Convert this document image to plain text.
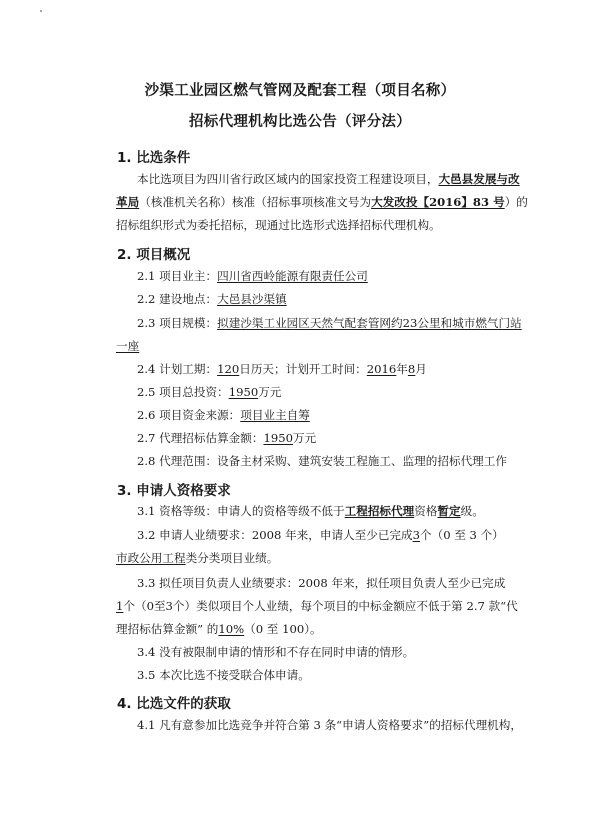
沙渠工业园区燃气管网及配套工程（项目名称）
招标代理机构比选公告（评分法）
1. 比选条件
本比选项目为四川省行政区域内的国家投资工程建设项目，大邑县发展与改
革局（核准机关名称）核准（招标事项核准文号为大发改投【2016】83 号）的
招标组织形式为委托招标，现通过比选形式选择招标代理机构。
2. 项目概况
2.1 项目业主：四川省西岭能源有限责任公司
2.2 建设地点：大邑县沙渠镇
2.3 项目规模：拟建沙渠工业园区天然气配套管网约23公里和城市燃气门站
一座
2.4 计划工期：120日历天；计划开工时间：2016年8月
2.5 项目总投资：1950万元
2.6 项目资金来源：项目业主自筹
2.7 代理招标估算金额：1950万元
2.8 代理范围：设备主材采购、建筑安装工程施工、监理的招标代理工作
3. 申请人资格要求
3.1 资格等级：申请人的资格等级不低于工程招标代理资格暂定级。
3.2 申请人业绩要求：2008 年来，申请人至少已完成3个（0 至 3 个）
市政公用工程类分类项目业绩。
3.3 拟任项目负责人业绩要求：2008 年来，拟任项目负责人至少已完成
1个（0至3个）类似项目个人业绩，每个项目的中标金额应不低于第 2.7 款“代
理招标估算金额” 的10%（0 至 100）。
3.4 没有被限制申请的情形和不存在同时申请的情形。
3.5 本次比选不接受联合体申请。
4. 比选文件的获取
4.1 凡有意参加比选竞争并符合第 3 条“申请人资格要求”的招标代理机构，
